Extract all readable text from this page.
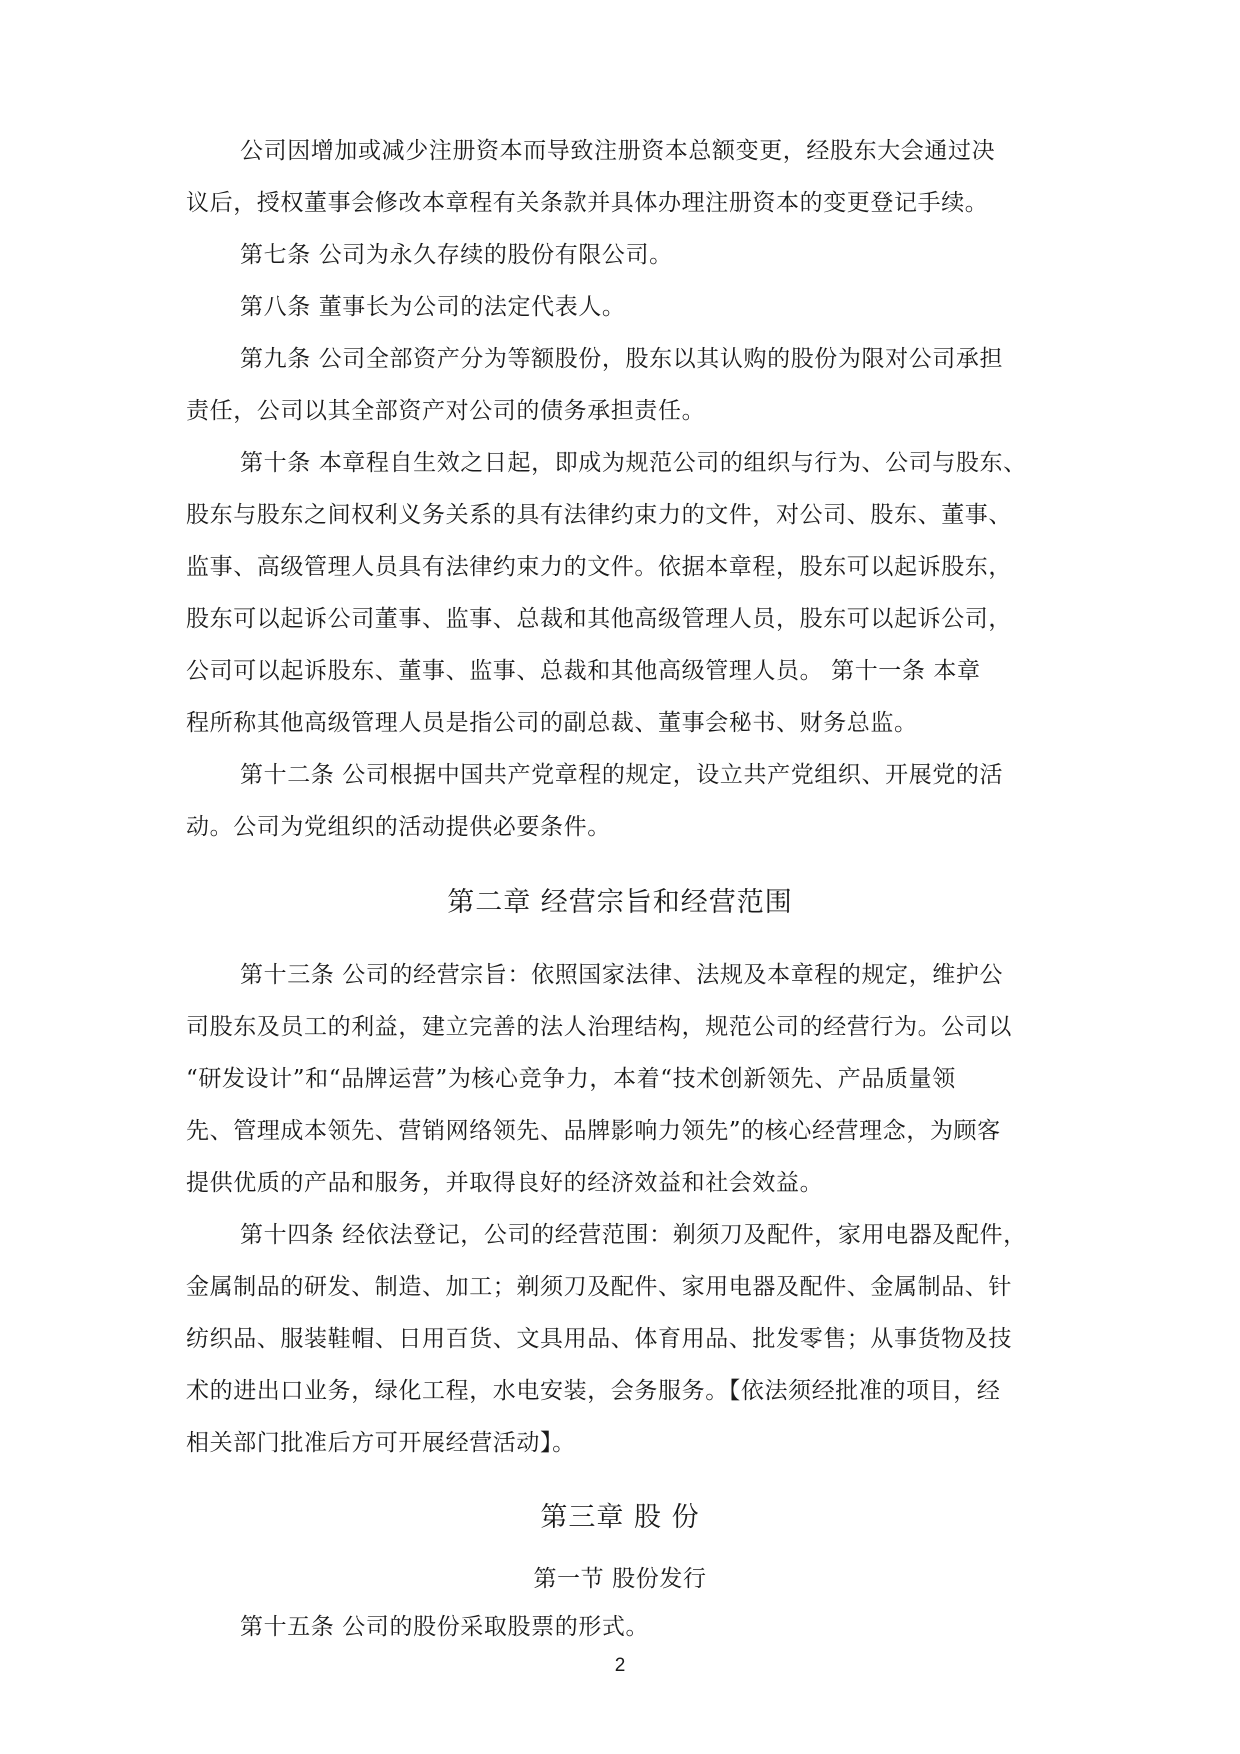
公司因增加或减少注册资本而导致注册资本总额变更，经股东大会通过决
议后，授权董事会修改本章程有关条款并具体办理注册资本的变更登记手续。
第七条 公司为永久存续的股份有限公司。
第八条 董事长为公司的法定代表人。
第九条 公司全部资产分为等额股份，股东以其认购的股份为限对公司承担
责任，公司以其全部资产对公司的债务承担责任。
第十条 本章程自生效之日起，即成为规范公司的组织与行为、公司与股东、
股东与股东之间权利义务关系的具有法律约束力的文件，对公司、股东、董事、
监事、高级管理人员具有法律约束力的文件。依据本章程，股东可以起诉股东，
股东可以起诉公司董事、监事、总裁和其他高级管理人员，股东可以起诉公司，
公司可以起诉股东、董事、监事、总裁和其他高级管理人员。 第十一条 本章
程所称其他高级管理人员是指公司的副总裁、董事会秘书、财务总监。
第十二条 公司根据中国共产党章程的规定，设立共产党组织、开展党的活
动。公司为党组织的活动提供必要条件。
第二章 经营宗旨和经营范围
第十三条 公司的经营宗旨：依照国家法律、法规及本章程的规定，维护公
司股东及员工的利益，建立完善的法人治理结构，规范公司的经营行为。公司以
“研发设计”和“品牌运营”为核心竞争力，本着“技术创新领先、产品质量领
先、管理成本领先、营销网络领先、品牌影响力领先”的核心经营理念，为顾客
提供优质的产品和服务，并取得良好的经济效益和社会效益。
第十四条 经依法登记，公司的经营范围：剃须刀及配件，家用电器及配件，
金属制品的研发、制造、加工；剃须刀及配件、家用电器及配件、金属制品、针
纺织品、服装鞋帽、日用百货、文具用品、体育用品、批发零售；从事货物及技
术的进出口业务，绿化工程，水电安装，会务服务。【依法须经批准的项目，经
相关部门批准后方可开展经营活动】。
第三章 股 份
第一节 股份发行
第十五条 公司的股份采取股票的形式。
2
